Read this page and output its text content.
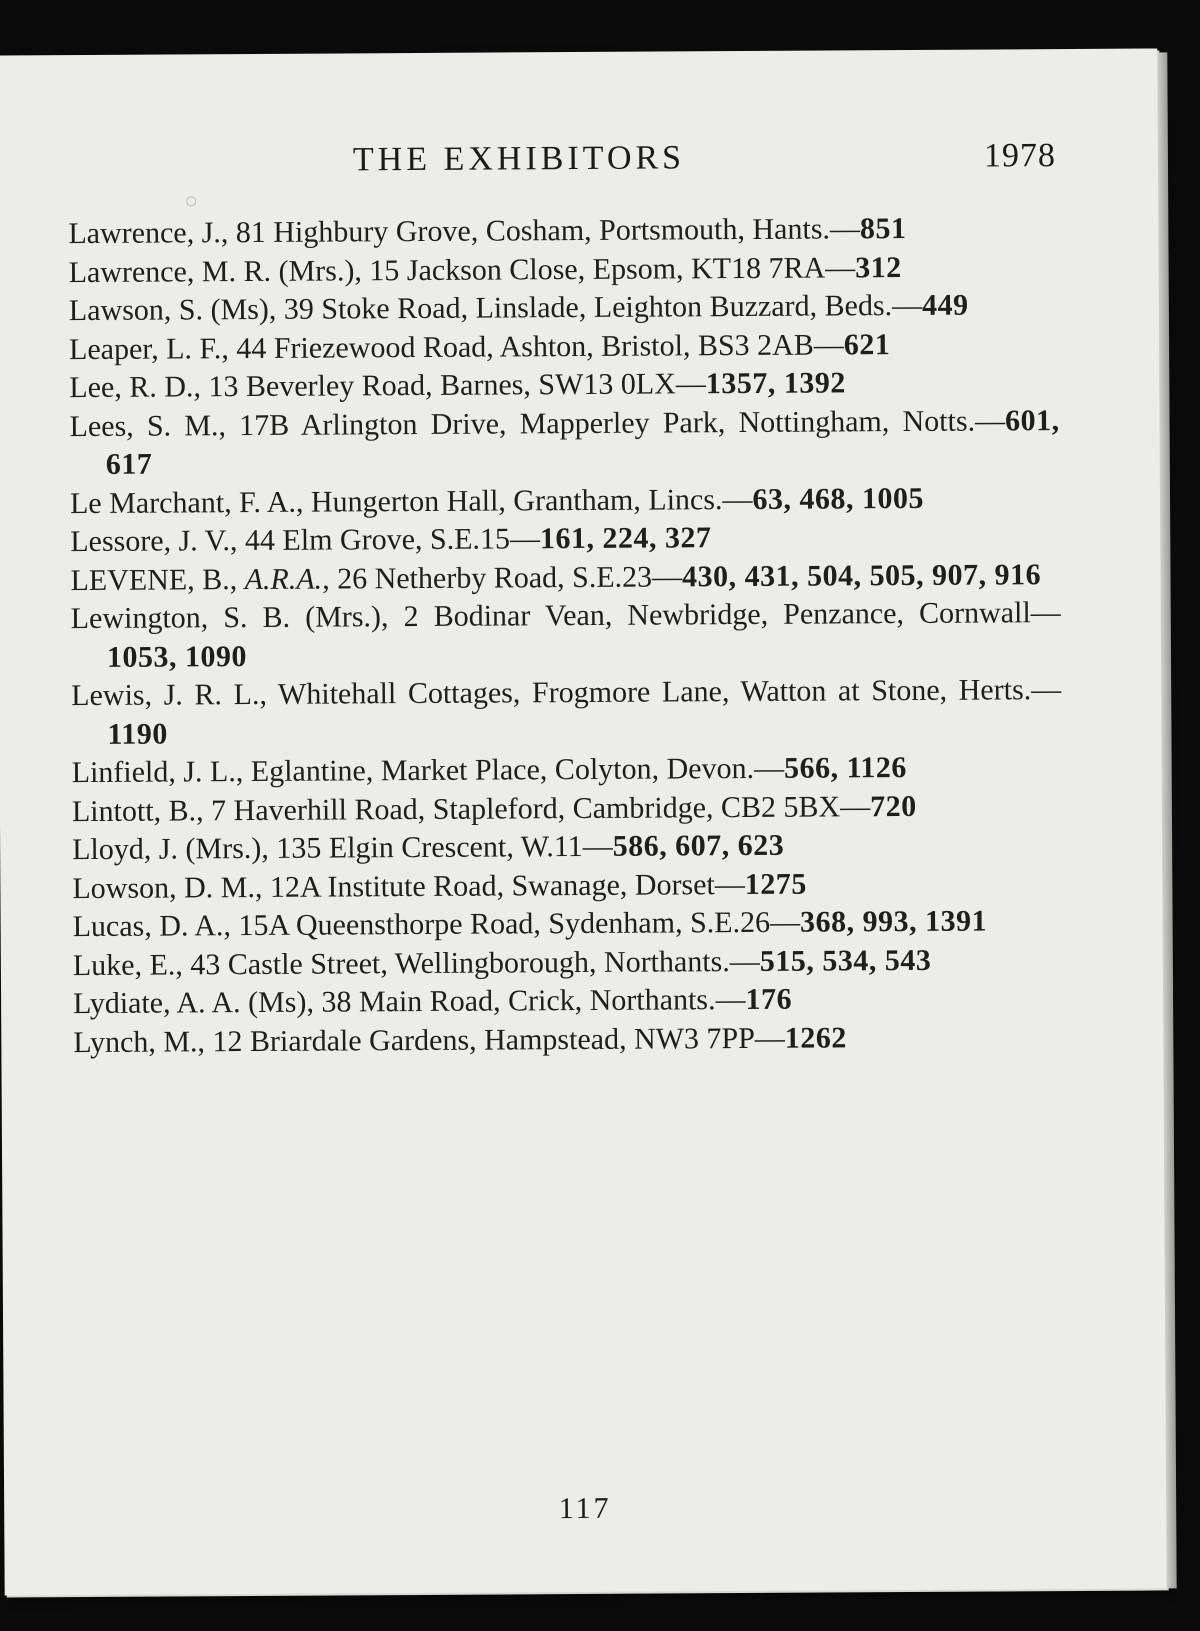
THE EXHIBITORS	1978
Lawrence, J., 81 Highbury Grove, Cosham, Portsmouth, Hants.—851
Lawrence, M. R. (Mrs.), 15 Jackson Close, Epsom, KT18 7RA—312
Lawson, S. (Ms), 39 Stoke Road, Linslade, Leighton Buzzard, Beds.—449
Leaper, L. F., 44 Friezewood Road, Ashton, Bristol, BS3 2AB—621
Lee, R. D., 13 Beverley Road, Barnes, SW13 0LX—1357, 1392
Lees, S. M., 17B Arlington Drive, Mapperley Park, Nottingham, Notts.—601, 617
Le Marchant, F. A., Hungerton Hall, Grantham, Lincs.—63, 468, 1005
Lessore, J. V., 44 Elm Grove, S.E.15—161, 224, 327
LEVENE, B., A.R.A., 26 Netherby Road, S.E.23—430, 431, 504, 505, 907, 916
Lewington, S. B. (Mrs.), 2 Bodinar Vean, Newbridge, Penzance, Cornwall—1053, 1090
Lewis, J. R. L., Whitehall Cottages, Frogmore Lane, Watton at Stone, Herts.—1190
Linfield, J. L., Eglantine, Market Place, Colyton, Devon.—566, 1126
Lintott, B., 7 Haverhill Road, Stapleford, Cambridge, CB2 5BX—720
Lloyd, J. (Mrs.), 135 Elgin Crescent, W.11—586, 607, 623
Lowson, D. M., 12A Institute Road, Swanage, Dorset—1275
Lucas, D. A., 15A Queensthorpe Road, Sydenham, S.E.26—368, 993, 1391
Luke, E., 43 Castle Street, Wellingborough, Northants.—515, 534, 543
Lydiate, A. A. (Ms), 38 Main Road, Crick, Northants.—176
Lynch, M., 12 Briardale Gardens, Hampstead, NW3 7PP—1262
117
